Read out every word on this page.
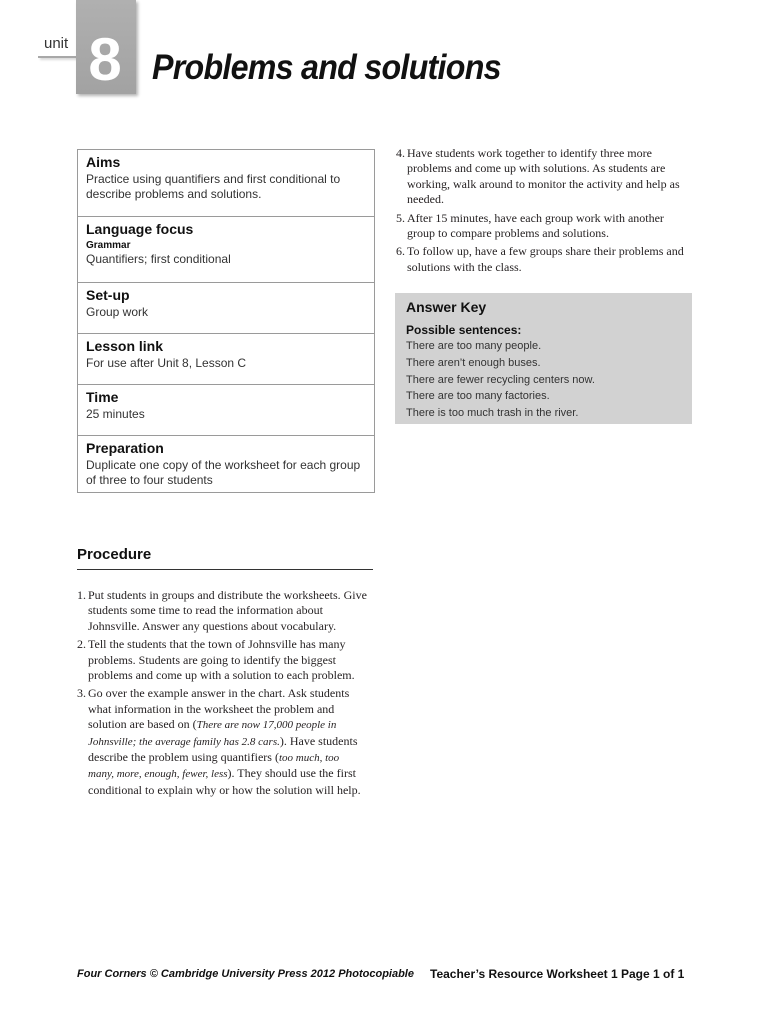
unit 8 Problems and solutions
Aims
Practice using quantifiers and first conditional to describe problems and solutions.
Language focus
Grammar
Quantifiers; first conditional
Set-up
Group work
Lesson link
For use after Unit 8, Lesson C
Time
25 minutes
Preparation
Duplicate one copy of the worksheet for each group of three to four students
Procedure
1. Put students in groups and distribute the worksheets. Give students some time to read the information about Johnsville. Answer any questions about vocabulary.
2. Tell the students that the town of Johnsville has many problems. Students are going to identify the biggest problems and come up with a solution to each problem.
3. Go over the example answer in the chart. Ask students what information in the worksheet the problem and solution are based on (There are now 17,000 people in Johnsville; the average family has 2.8 cars.). Have students describe the problem using quantifiers (too much, too many, more, enough, fewer, less). They should use the first conditional to explain why or how the solution will help.
4. Have students work together to identify three more problems and come up with solutions. As students are working, walk around to monitor the activity and help as needed.
5. After 15 minutes, have each group work with another group to compare problems and solutions.
6. To follow up, have a few groups share their problems and solutions with the class.
Answer Key
Possible sentences:
There are too many people.
There aren’t enough buses.
There are fewer recycling centers now.
There are too many factories.
There is too much trash in the river.
Four Corners © Cambridge University Press 2012 Photocopiable Teacher’s Resource Worksheet 1 Page 1 of 1
